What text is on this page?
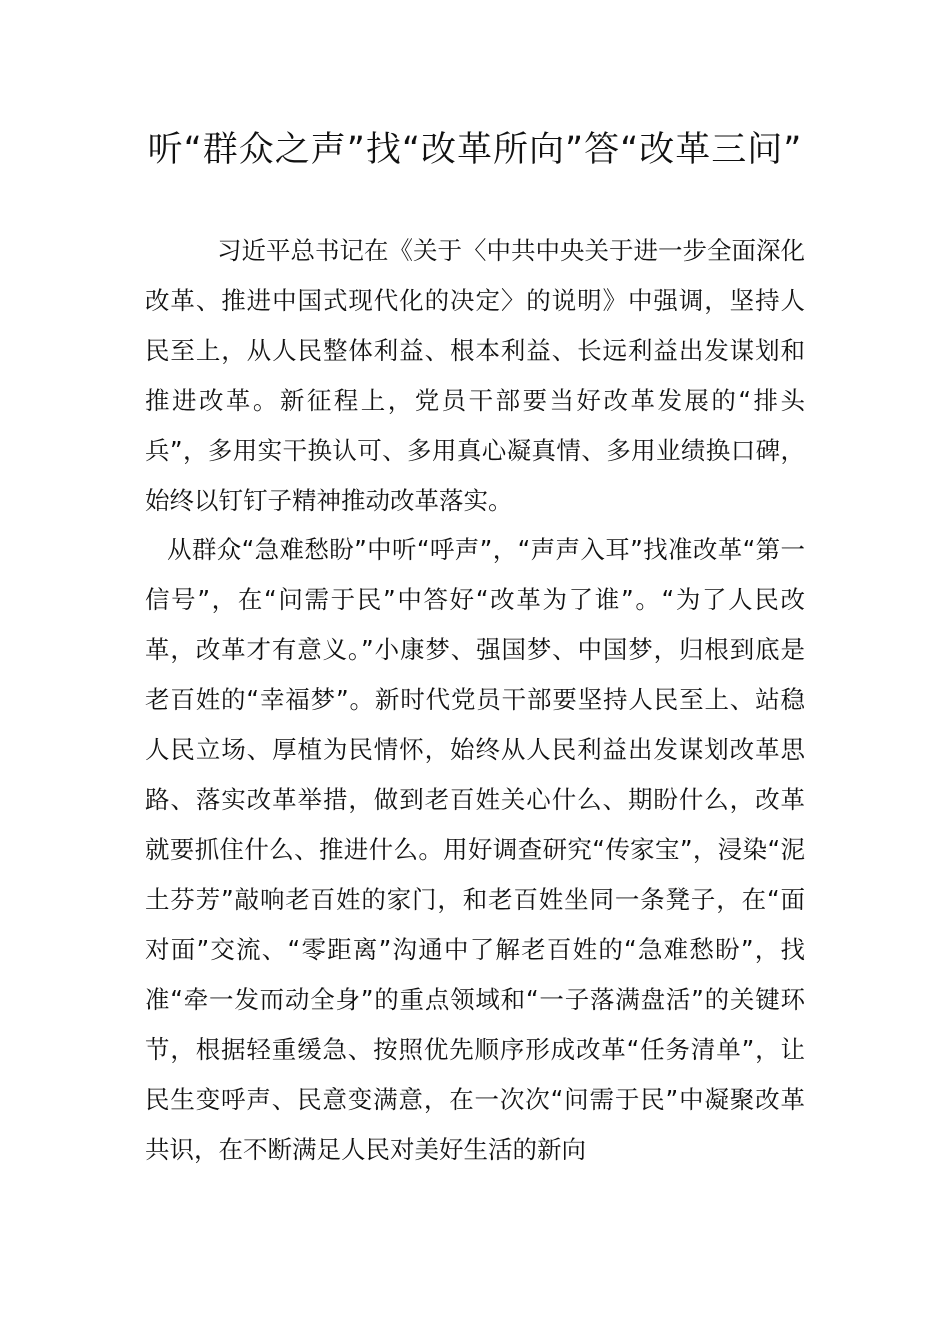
听“群众之声”找“改革所向”答“改革三问”

习近平总书记在《关于〈中共中央关于进一步全面深化改革、推进中国式现代化的决定〉的说明》中强调，坚持人民至上，从人民整体利益、根本利益、长远利益出发谋划和推进改革。新征程上，党员干部要当好改革发展的“排头兵”，多用实干换认可、多用真心凝真情、多用业绩换口碑，始终以钉钉子精神推动改革落实。

从群众“急难愁盼”中听“呼声”，“声声入耳”找准改革“第一信号”，在“问需于民”中答好“改革为了谁”。“为了人民改革，改革才有意义。”小康梦、强国梦、中国梦，归根到底是老百姓的“幸福梦”。新时代党员干部要坚持人民至上、站稳人民立场、厚植为民情怀，始终从人民利益出发谋划改革思路、落实改革举措，做到老百姓关心什么、期盼什么，改革就要抓住什么、推进什么。用好调查研究“传家宝”，浸染“泥土芬芳”敲响老百姓的家门，和老百姓坐同一条凳子，在“面对面”交流、“零距离”沟通中了解老百姓的“急难愁盼”，找准“牵一发而动全身”的重点领域和“一子落满盘活”的关键环节，根据轻重缓急、按照优先顺序形成改革“任务清单”，让民生变呼声、民意变满意，在一次次“问需于民”中凝聚改革共识，在不断满足人民对美好生活的新向
